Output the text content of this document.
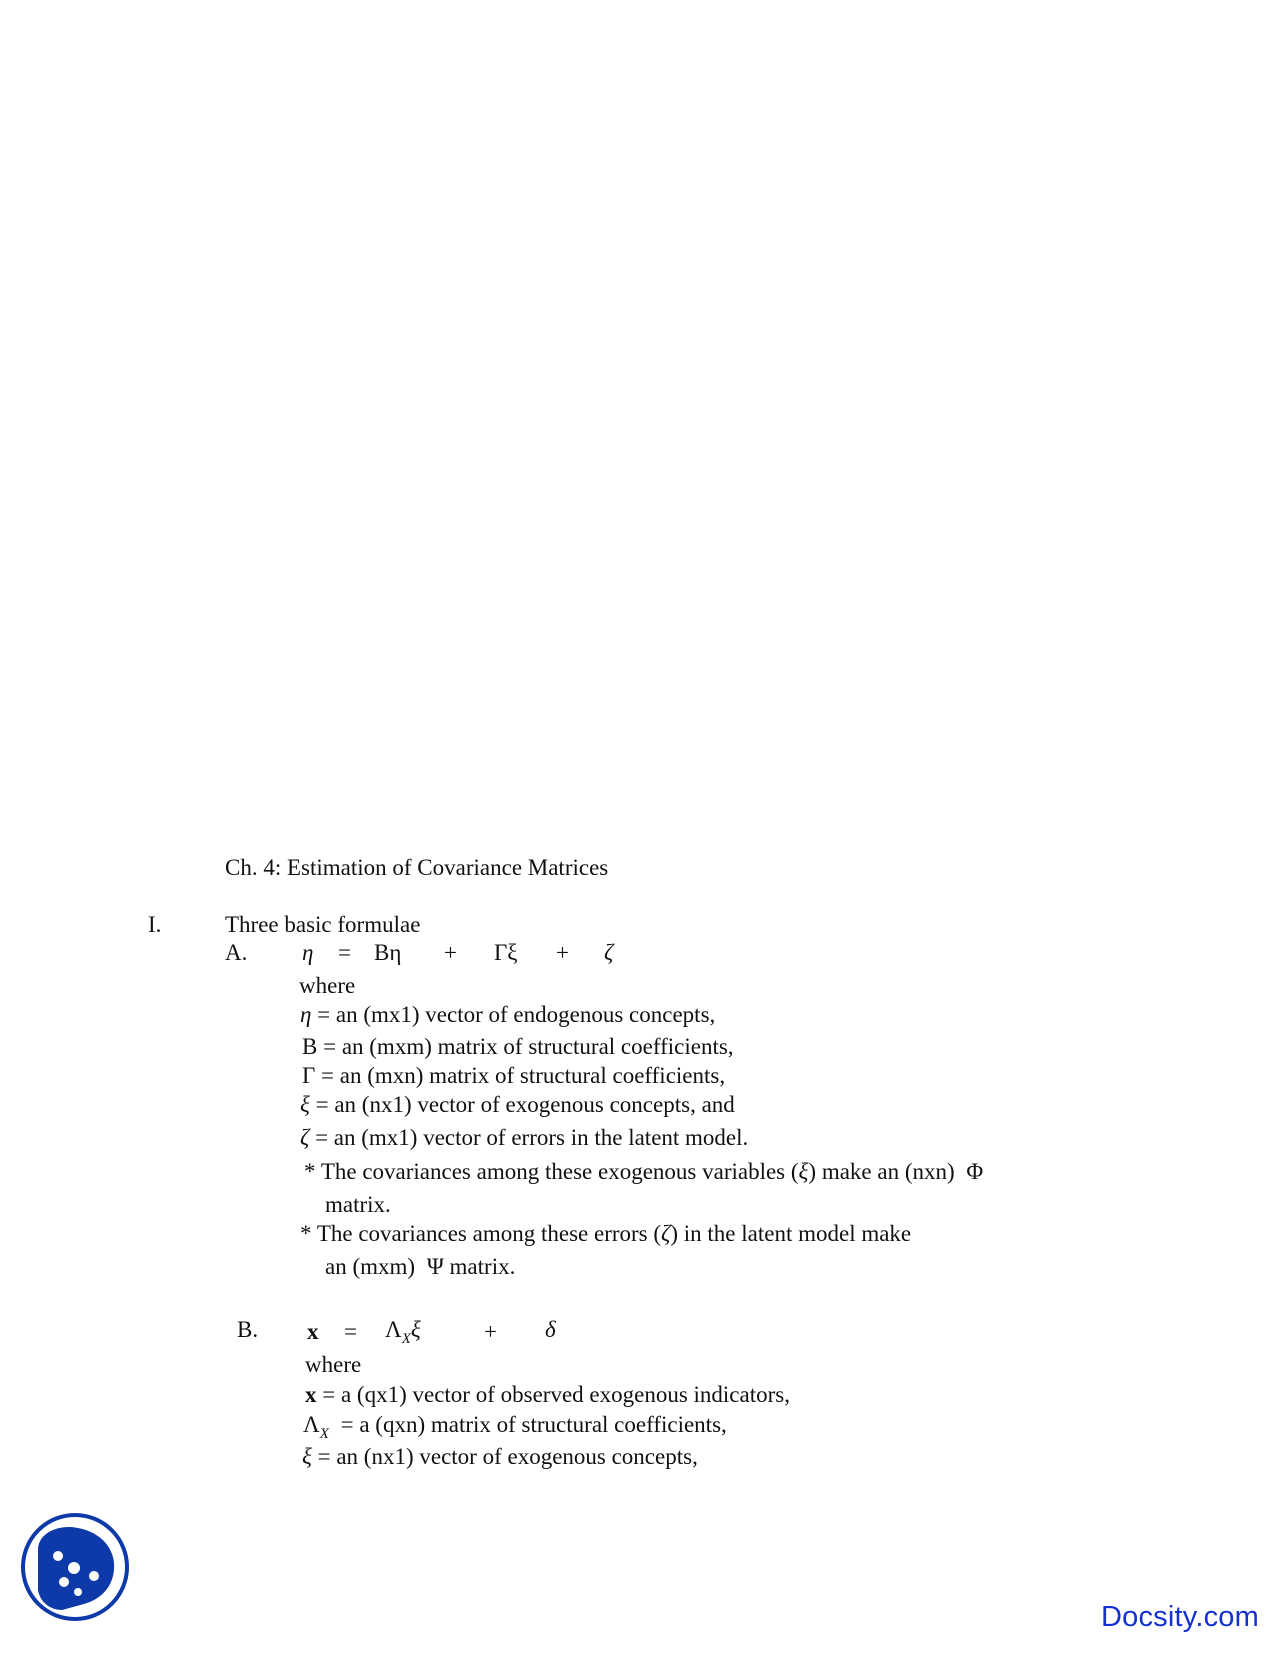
Ch. 4: Estimation of Covariance Matrices
I.	Three basic formulae
A. η = Bη + Γξ + ζ
where
η = an (mx1) vector of endogenous concepts,
B = an (mxm) matrix of structural coefficients,
Γ = an (mxn) matrix of structural coefficients,
ξ = an (nx1) vector of exogenous concepts, and
ζ = an (mx1) vector of errors in the latent model.
* The covariances among these exogenous variables (ξ) make an (nxn) Φ
matrix.
* The covariances among these errors (ζ) in the latent model make
an (mxm) Ψ matrix.
B. $x = \Lambda_X\xi$	+ δ
where
x = a (qx1) vector of observed exogenous indicators,
$\Lambda_X = a$ (qxn) matrix of structural coefficients,
ξ = an (nx1) vector of exogenous concepts,
Docsity.com
